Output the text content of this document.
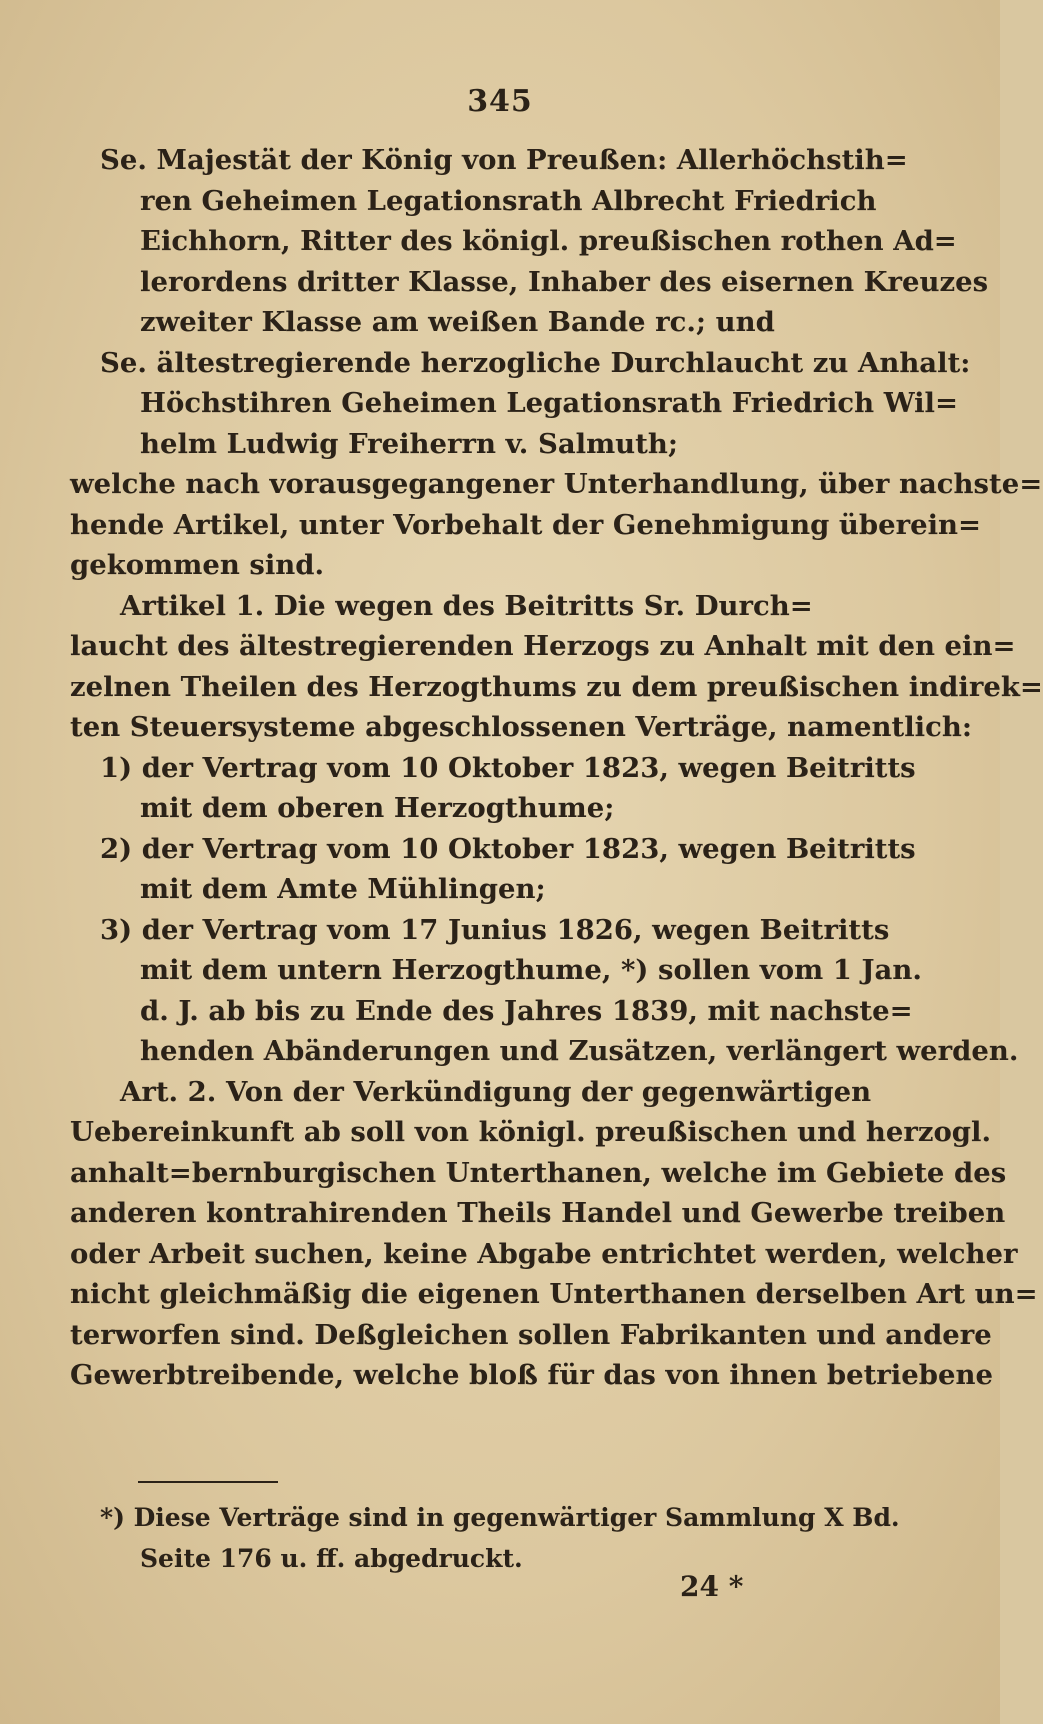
345
Se. Majestät der König von Preußen: Allerhöchstih=
ren Geheimen Legationsrath Albrecht Friedrich
Eichhorn, Ritter des königl. preußischen rothen Ad=
lerordens dritter Klasse, Inhaber des eisernen Kreuzes
zweiter Klasse am weißen Bande rc.; und
Se. ältestregierende herzogliche Durchlaucht zu Anhalt:
Höchstihren Geheimen Legationsrath Friedrich Wil=
helm Ludwig Freiherrn v. Salmuth;
welche nach vorausgegangener Unterhandlung, über nachste=
hende Artikel, unter Vorbehalt der Genehmigung überein=
gekommen sind.
Artikel 1. Die wegen des Beitritts Sr. Durch=
laucht des ältestregierenden Herzogs zu Anhalt mit den ein=
zelnen Theilen des Herzogthums zu dem preußischen indirek=
ten Steuersysteme abgeschlossenen Verträge, namentlich:
1) der Vertrag vom 10 Oktober 1823, wegen Beitritts
mit dem oberen Herzogthume;
2) der Vertrag vom 10 Oktober 1823, wegen Beitritts
mit dem Amte Mühlingen;
3) der Vertrag vom 17 Junius 1826, wegen Beitritts
mit dem untern Herzogthume, *) sollen vom 1 Jan.
d. J. ab bis zu Ende des Jahres 1839, mit nachste=
henden Abänderungen und Zusätzen, verlängert werden.
Art. 2. Von der Verkündigung der gegenwärtigen
Uebereinkunft ab soll von königl. preußischen und herzogl.
anhalt=bernburgischen Unterthanen, welche im Gebiete des
anderen kontrahirenden Theils Handel und Gewerbe treiben
oder Arbeit suchen, keine Abgabe entrichtet werden, welcher
nicht gleichmäßig die eigenen Unterthanen derselben Art un=
terworfen sind. Deßgleichen sollen Fabrikanten und andere
Gewerbtreibende, welche bloß für das von ihnen betriebene
*) Diese Verträge sind in gegenwärtiger Sammlung X Bd.
Seite 176 u. ff. abgedruckt.
24 *
